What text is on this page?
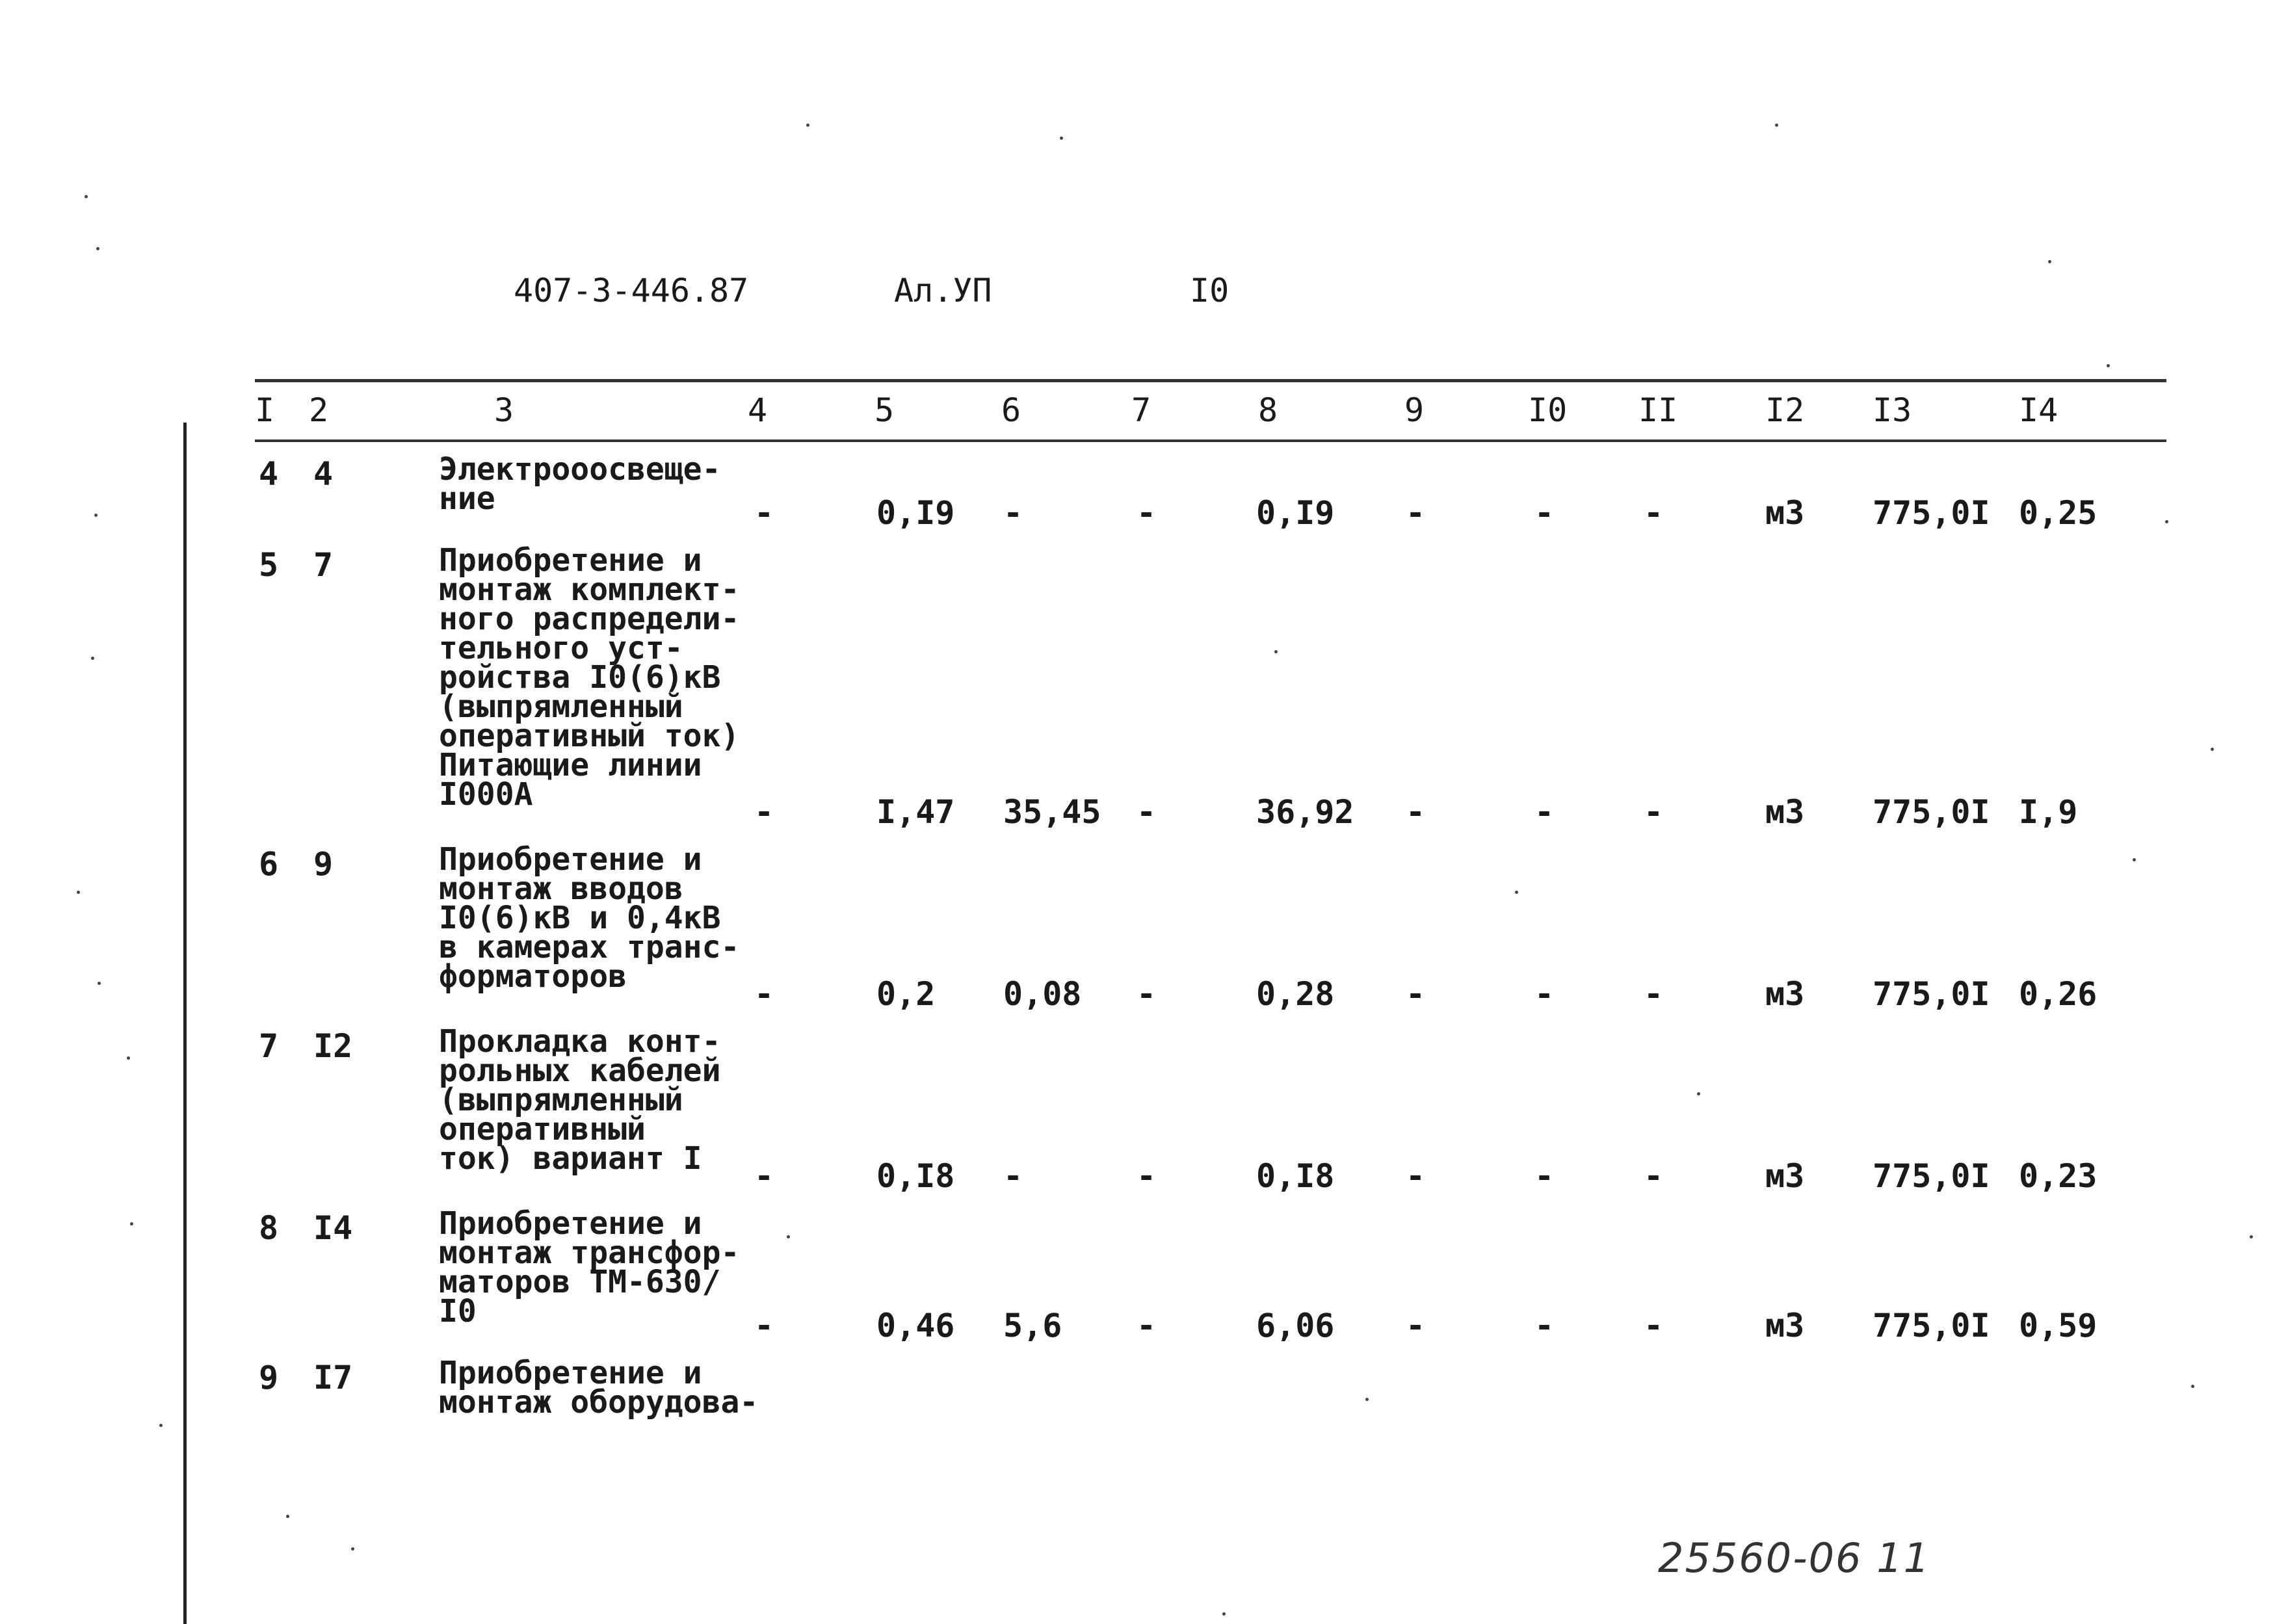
407-3-446.87	Ал.УП	I0
I 2	3	4	5	6	7	8	9	I0 II	I2 I3	I4
4 4	Электрооосвеще-
ние	-	0,I9 -	-	0,I9 -	-	-	м3 775,0I 0,25
5 7	Приобретение и
монтаж комплект-
ного распредели-
тельного уст-
ройства I0(6)кВ
(выпрямленный
оперативный ток)
Питающие линии
I000А	-	I,47 35,45 -	36,92 -	-	-	м3 775,0I I,9
6 9	Приобретение и
монтаж вводов
I0(6)кВ и 0,4кВ
в камерах транс-
форматоров	-	0,2 0,08 -	0,28 -	-	-	м3 775,0I 0,26
7 I2	Прокладка конт-
рольных кабелей
(выпрямленный
оперативный
ток) вариант I	-	0,I8 -	-	0,I8 -	-	-	м3 775,0I 0,23
8 I4	Приобретение и
монтаж трансфор-
маторов ТМ-630/
I0	-	0,46 5,6 -	6,06 -	-	-	м3 775,0I 0,59
9 I7	Приобретение и
монтаж оборудова-
25560-06 11
